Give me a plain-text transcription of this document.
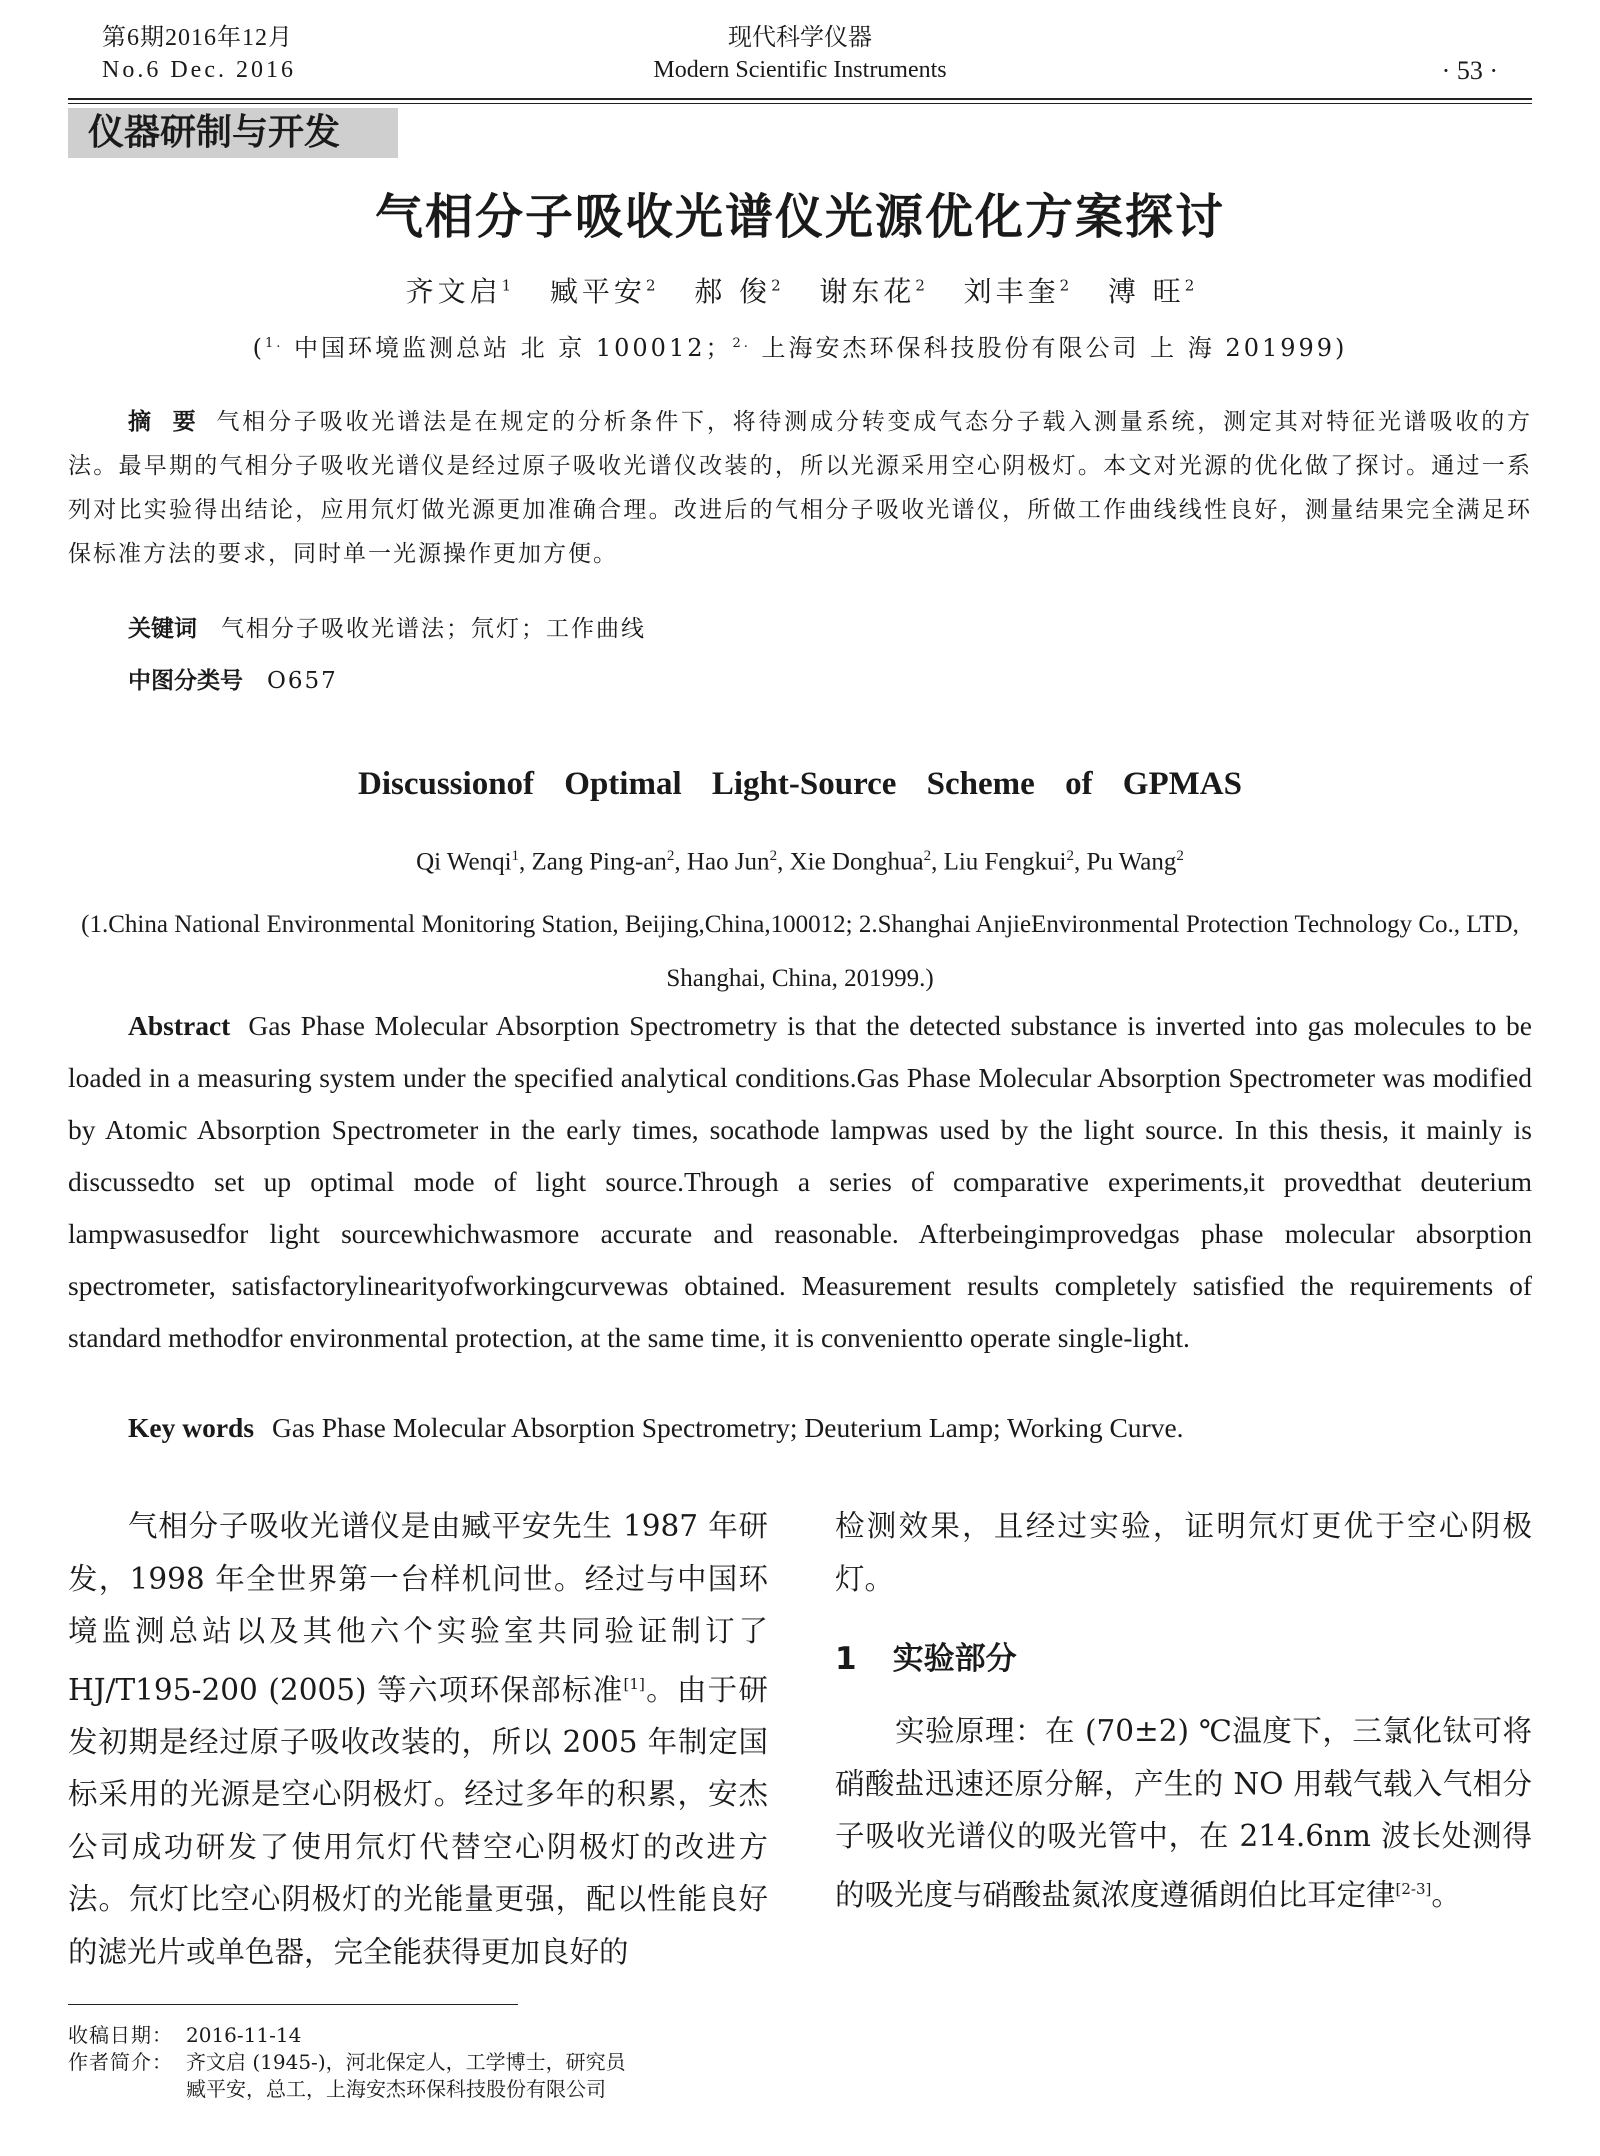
第6期2016年12月
No.6 Dec. 2016
现代科学仪器
Modern Scientific Instruments	· 53 ·
仪器研制与开发
气相分子吸收光谱仪光源优化方案探讨
齐文启$^1$ 臧平安$^2$ 郝 俊$^2$ 谢东花$^2$ 刘丰奎$^2$ 溥 旺$^2$
($^{1.}$ 中国环境监测总站 北 京 100012；$^{2.}$ 上海安杰环保科技股份有限公司 上 海 201999)
摘 要 气相分子吸收光谱法是在规定的分析条件下，将待测成分转变成气态分子载入测量系统，测定其对特征光谱吸收的方法。最早期的气相分子吸收光谱仪是经过原子吸收光谱仪改装的，所以光源采用空心阴极灯。本文对光源的优化做了探讨。通过一系列对比实验得出结论，应用氘灯做光源更加准确合理。改进后的气相分子吸收光谱仪，所做工作曲线线性良好，测量结果完全满足环保标准方法的要求，同时单一光源操作更加方便。
关键词 气相分子吸收光谱法；氘灯；工作曲线
中图分类号 O657
Discussionof Optimal Light-Source Scheme of GPMAS
Qi Wenqi$^1$, Zang Ping-$an^2$, Hao Jun$^2$, Xie Donghua$^2$, Liu Fengkui$^2$, Pu Wang$^2$
(1.China National Environmental Monitoring Station, Beijing,China,100012; 2.Shanghai AnjieEnvironmental Protection Technology Co., LTD, Shanghai, China, 201999.)
Abstract Gas Phase Molecular Absorption Spectrometry is that the detected substance is inverted into gas molecules to be loaded in a measuring system under the specified analytical conditions.Gas Phase Molecular Absorption Spectrometer was modified by Atomic Absorption Spectrometer in the early times, socathode lampwas used by the light source. In this thesis, it mainly is discussedto set up optimal mode of light source.Through a series of comparative experiments,it provedthat deuterium lampwasusedfor light sourcewhichwasmore accurate and reasonable. Afterbeingimprovedgas phase molecular absorption spectrometer, satisfactorylinearityofworkingcurvewas obtained. Measurement results completely satisfied the requirements of standard methodfor environmental protection, at the same time, it is convenientto operate single-light.
Key words Gas Phase Molecular Absorption Spectrometry; Deuterium Lamp; Working Curve.
气相分子吸收光谱仪是由臧平安先生 1987 年研发，1998 年全世界第一台样机问世。经过与中国环境监测总站以及其他六个实验室共同验证制订了HJ/T195-200 (2005) 等六项环保部标准[1]。由于研发初期是经过原子吸收改装的，所以 2005 年制定国标采用的光源是空心阴极灯。经过多年的积累，安杰公司成功研发了使用氘灯代替空心阴极灯的改进方法。氘灯比空心阴极灯的光能量更强，配以性能良好的滤光片或单色器，完全能获得更加良好的
检测效果，且经过实验，证明氘灯更优于空心阴极灯。
1 实验部分
实验原理：在 (70±2) ℃温度下，三氯化钛可将硝酸盐迅速还原分解，产生的 NO 用载气载入气相分子吸收光谱仪的吸光管中，在 214.6nm 波长处测得的吸光度与硝酸盐氮浓度遵循朗伯比耳定律[2-3]。
收稿日期： 2016-11-14
作者简介： 齐文启 (1945-)，河北保定人，工学博士，研究员
臧平安，总工，上海安杰环保科技股份有限公司
